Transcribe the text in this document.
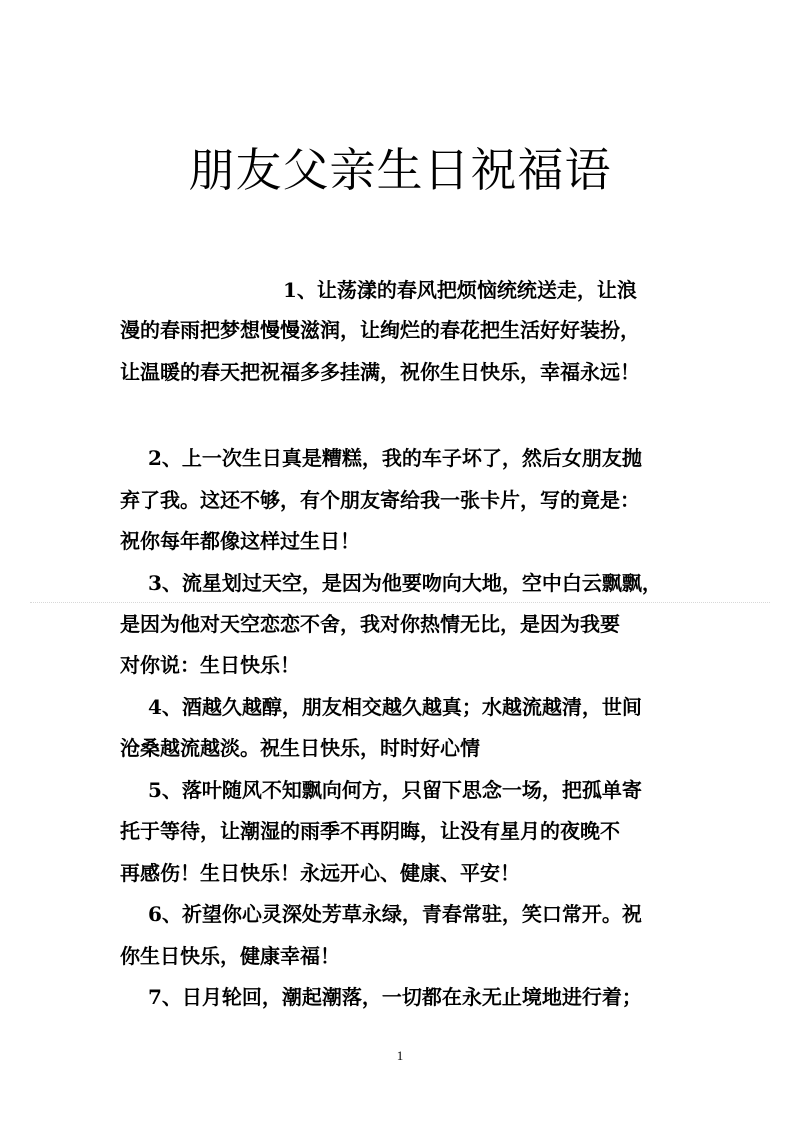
朋友父亲生日祝福语
1、让荡漾的春风把烦恼统统送走，让浪
漫的春雨把梦想慢慢滋润，让绚烂的春花把生活好好装扮，
让温暖的春天把祝福多多挂满，祝你生日快乐，幸福永远！
2、上一次生日真是糟糕，我的车子坏了，然后女朋友抛
弃了我。这还不够，有个朋友寄给我一张卡片，写的竟是：
祝你每年都像这样过生日！
3、流星划过天空，是因为他要吻向大地，空中白云飘飘，
是因为他对天空恋恋不舍，我对你热情无比，是因为我要
对你说：生日快乐！
4、酒越久越醇，朋友相交越久越真；水越流越清，世间
沧桑越流越淡。祝生日快乐，时时好心情
5、落叶随风不知飘向何方，只留下思念一场，把孤单寄
托于等待，让潮湿的雨季不再阴晦，让没有星月的夜晚不
再感伤！生日快乐！永远开心、健康、平安！
6、祈望你心灵深处芳草永绿，青春常驻，笑口常开。祝
你生日快乐，健康幸福！
7、日月轮回，潮起潮落，一切都在永无止境地进行着；
1
